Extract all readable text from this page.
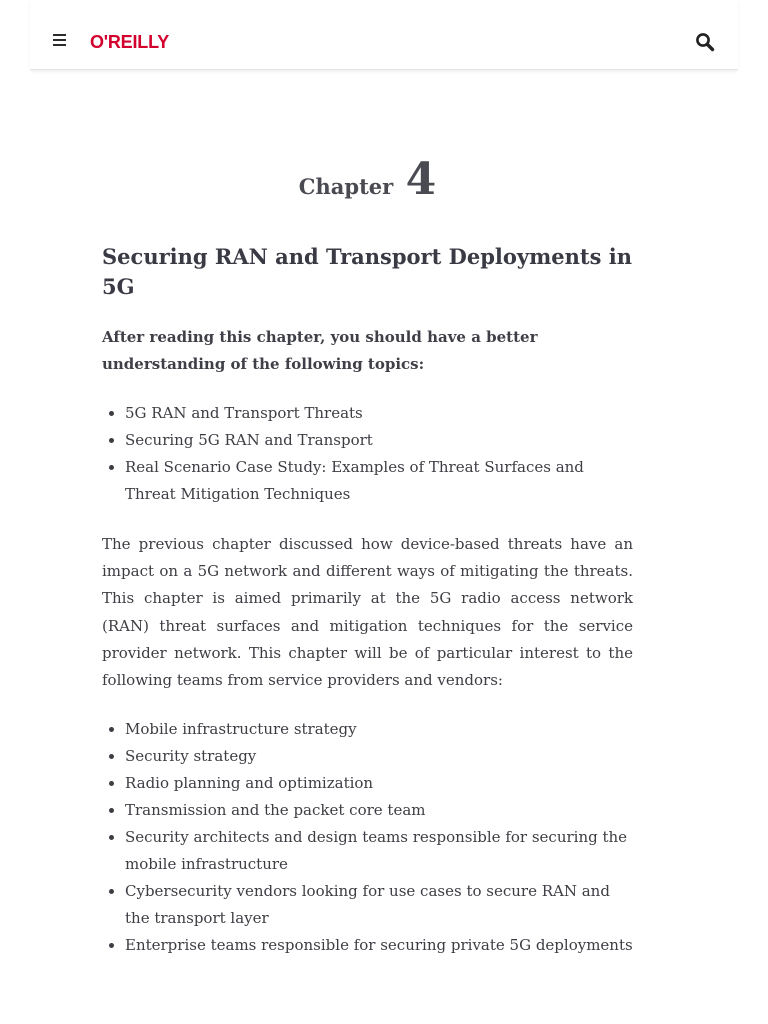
O'REILLY
Chapter 4
Securing RAN and Transport Deployments in 5G

After reading this chapter, you should have a better understanding of the following topics:

• 5G RAN and Transport Threats
• Securing 5G RAN and Transport
• Real Scenario Case Study: Examples of Threat Surfaces and Threat Mitigation Techniques

The previous chapter discussed how device-based threats have an impact on a 5G network and different ways of mitigating the threats. This chapter is aimed primarily at the 5G radio access network (RAN) threat surfaces and mitigation techniques for the service provider network. This chapter will be of particular interest to the following teams from service providers and vendors:

• Mobile infrastructure strategy
• Security strategy
• Radio planning and optimization
• Transmission and the packet core team
• Security architects and design teams responsible for securing the mobile infrastructure
• Cybersecurity vendors looking for use cases to secure RAN and the transport layer
• Enterprise teams responsible for securing private 5G deployments
